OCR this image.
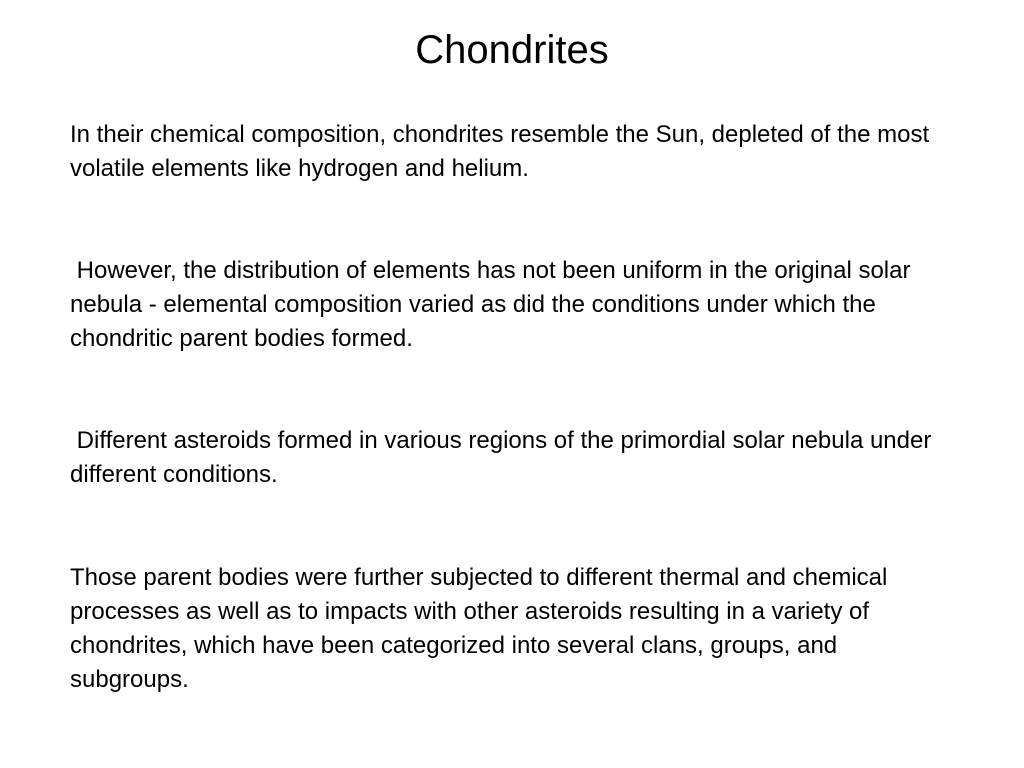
Chondrites

In their chemical composition, chondrites resemble the Sun, depleted of the most volatile elements like hydrogen and helium.

However, the distribution of elements has not been uniform in the original solar nebula - elemental composition varied as did the conditions under which the chondritic parent bodies formed.

Different asteroids formed in various regions of the primordial solar nebula under different conditions.

Those parent bodies were further subjected to different thermal and chemical processes as well as to impacts with other asteroids resulting in a variety of chondrites, which have been categorized into several clans, groups, and subgroups.
